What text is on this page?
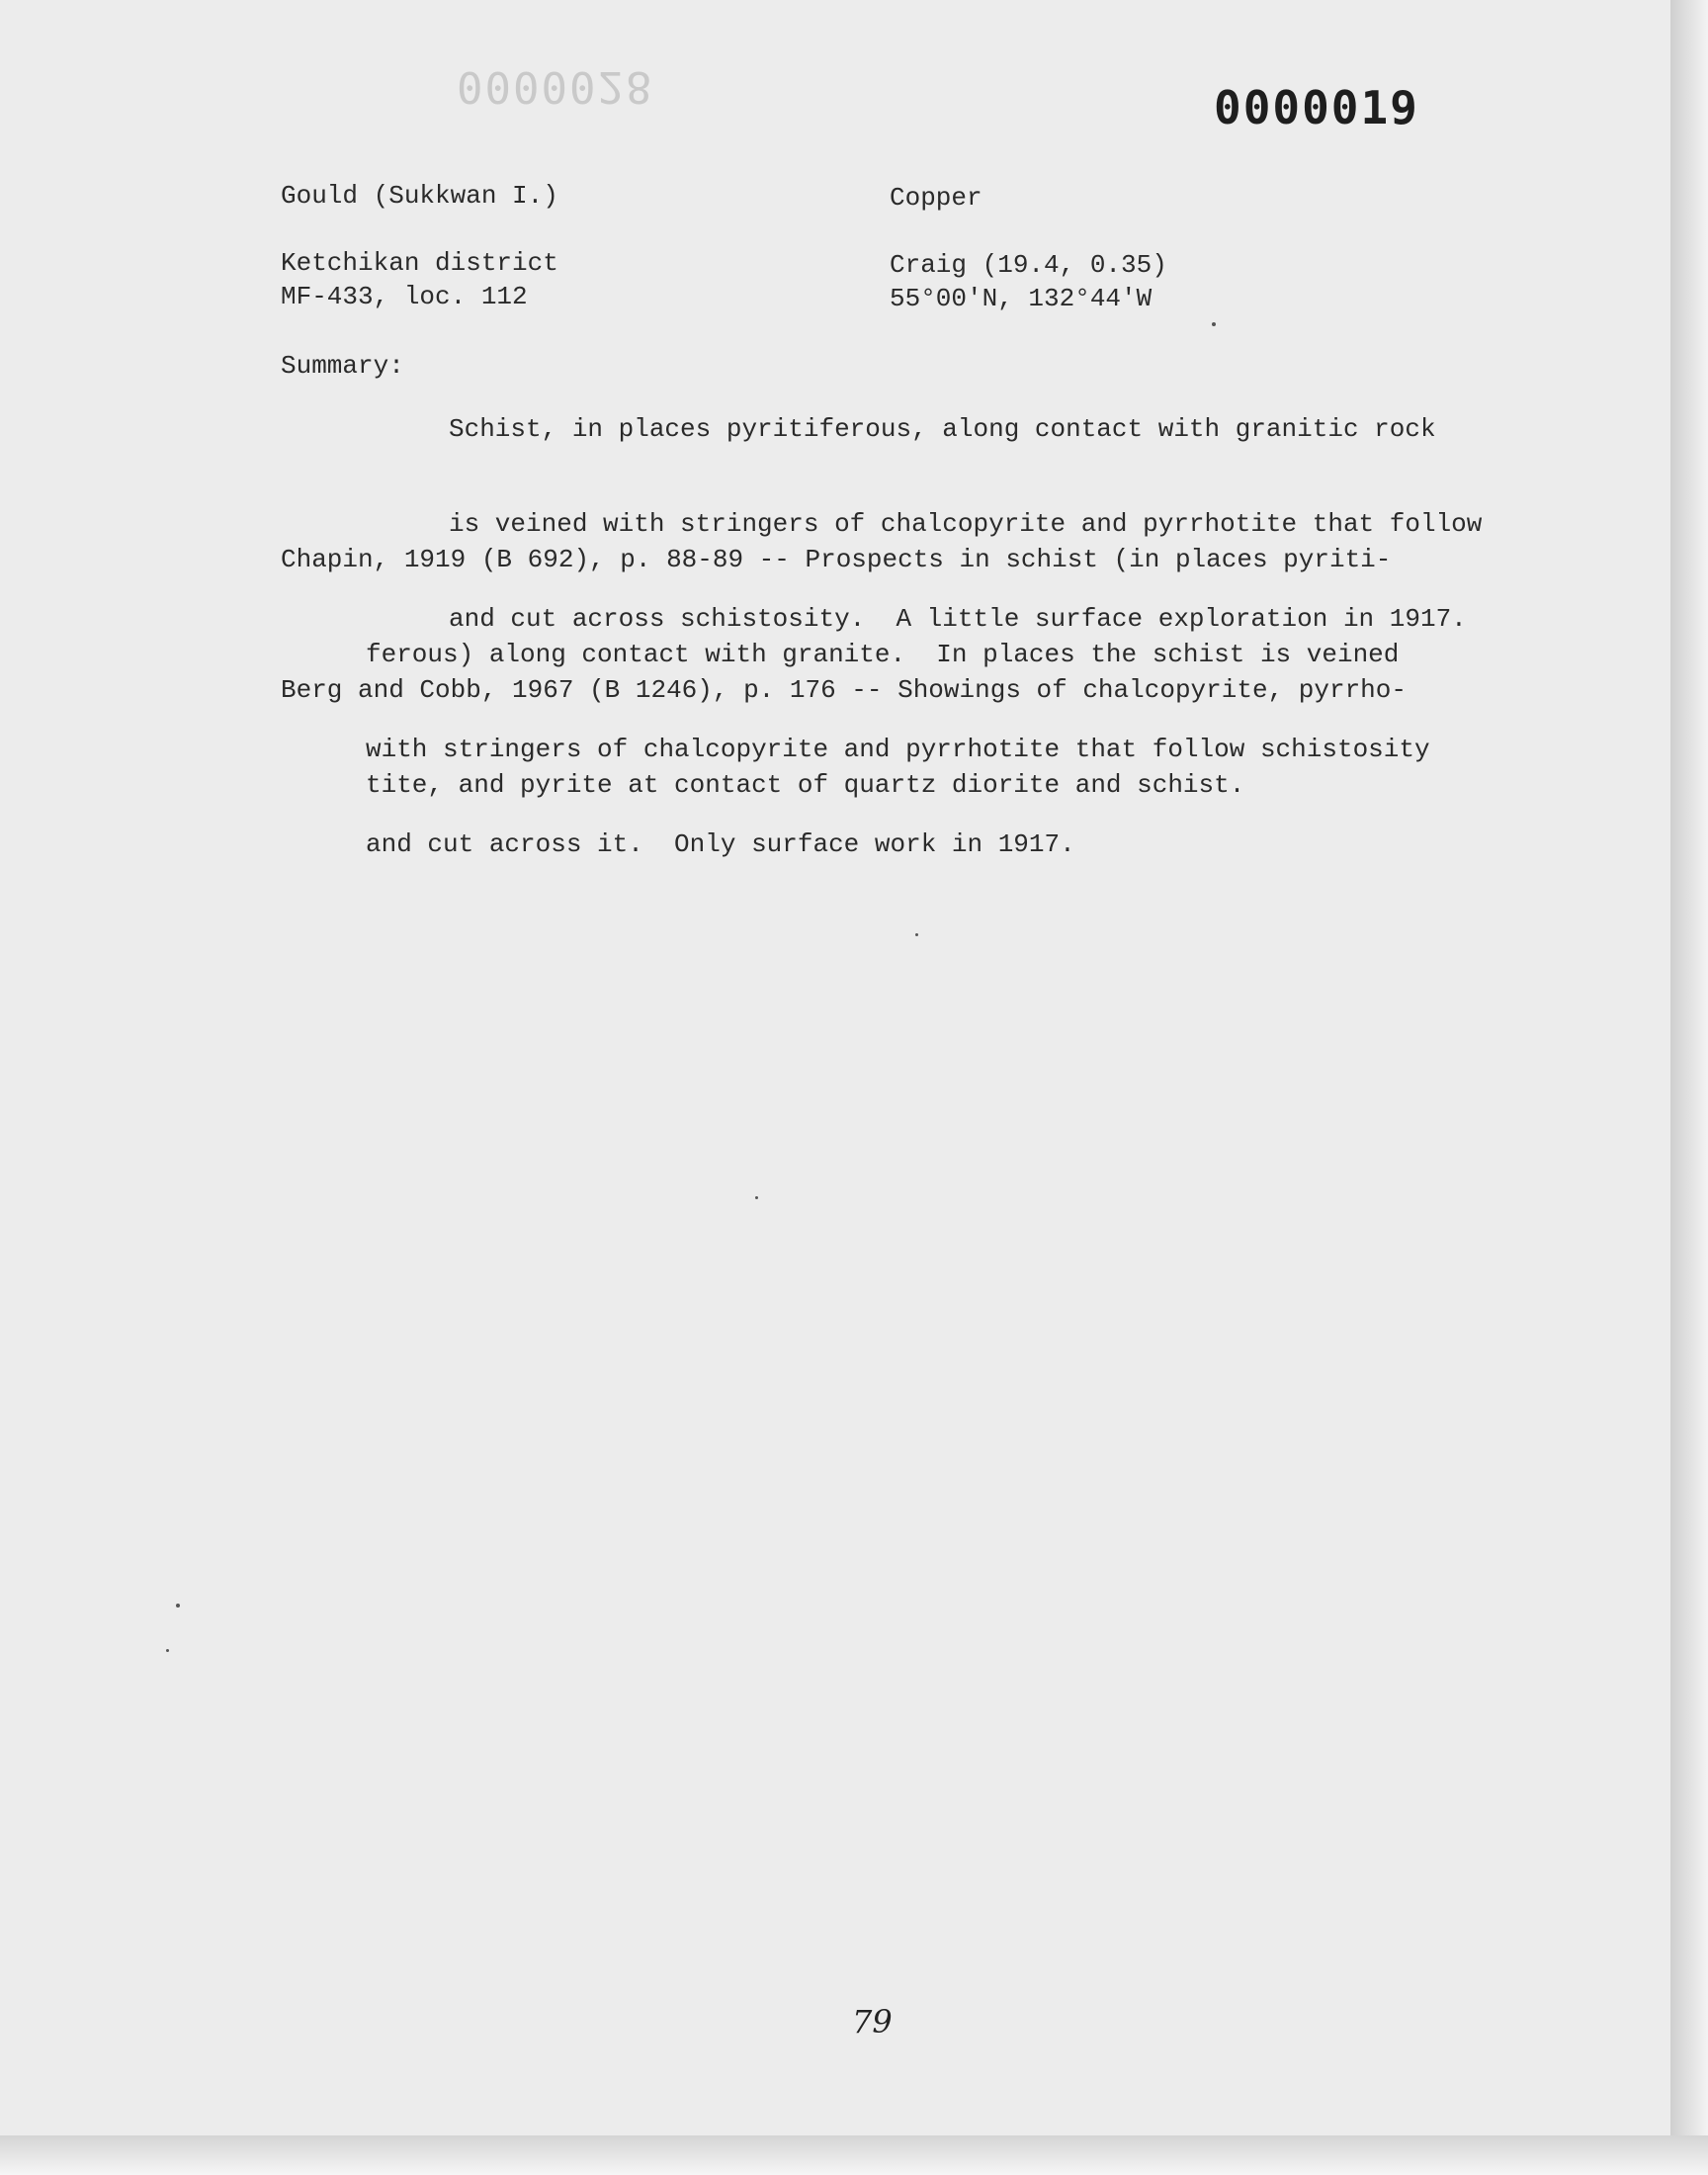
0000028	0000019
Gould (Sukkwan I.)	Copper
Ketchikan district
MF-433, loc. 112
Craig (19.4, 0.35)
55°00'N, 132°44'W
Summary:

Schist, in places pyritiferous, along contact with granitic rock

is veined with stringers of chalcopyrite and pyrrhotite that follow

and cut across schistosity.  A little surface exploration in 1917.

Chapin, 1919 (B 692), p. 88-89 -- Prospects in schist (in places pyriti-

ferous) along contact with granite.  In places the schist is veined

with stringers of chalcopyrite and pyrrhotite that follow schistosity

and cut across it.  Only surface work in 1917.

Berg and Cobb, 1967 (B 1246), p. 176 -- Showings of chalcopyrite, pyrrho-

tite, and pyrite at contact of quartz diorite and schist.

79
